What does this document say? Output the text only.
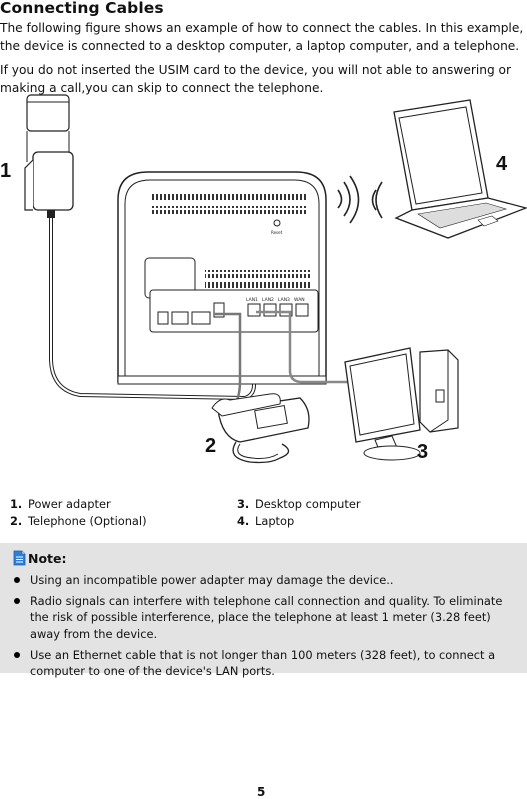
Connecting Cables
The following figure shows an example of how to connect the cables. In this example, the device is connected to a desktop computer, a laptop computer, and a telephone.
If you do not inserted the USIM card to the device, you will not able to answering or making a call,you can skip to connect the telephone.
1
Reset
LAN1 LAN2 LAN3 WAN
4
2	3
1. Power adapter
2. Telephone (Optional)
3. Desktop computer
4. Laptop
Note:
Using an incompatible power adapter may damage the device..
Radio signals can interfere with telephone call connection and quality. To eliminate the risk of possible interference, place the telephone at least 1 meter (3.28 feet) away from the device.
Use an Ethernet cable that is not longer than 100 meters (328 feet), to connect a computer to one of the device's LAN ports.
5
